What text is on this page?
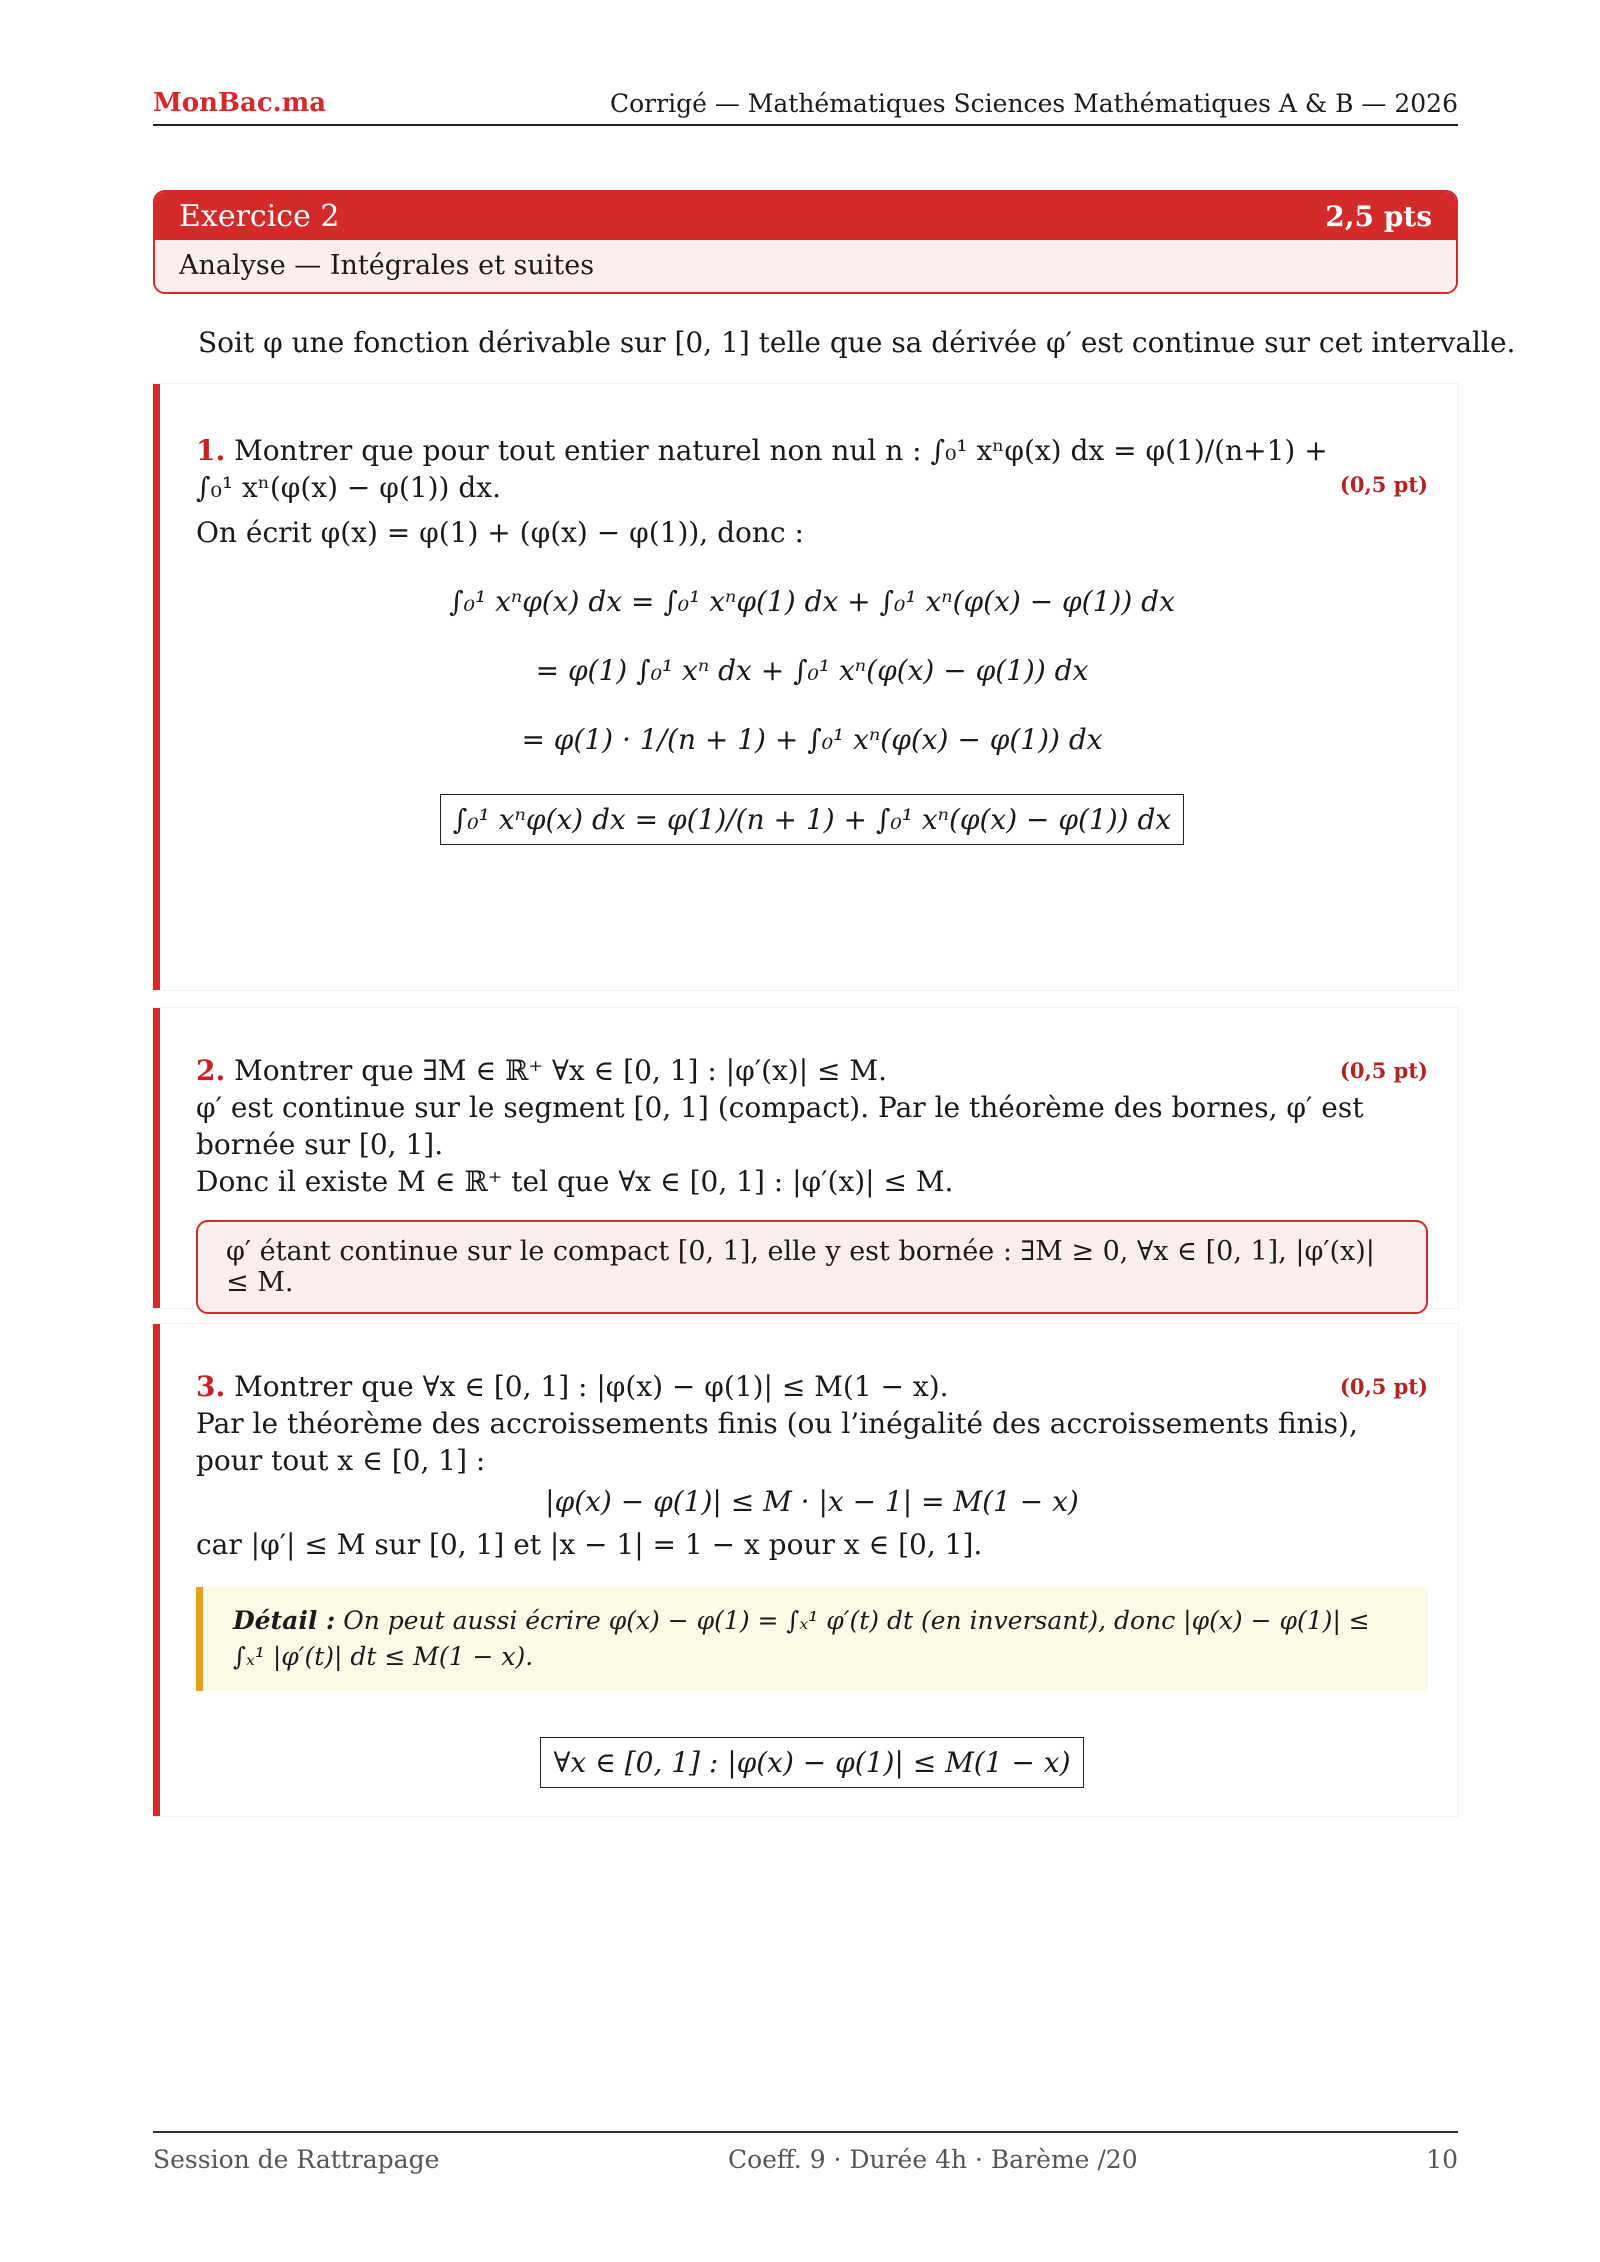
MonBac.ma	Corrigé — Mathématiques Sciences Mathématiques A & B — 2026
Exercice 2	2,5 pts
Analyse — Intégrales et suites
Soit φ une fonction dérivable sur [0, 1] telle que sa dérivée φ′ est continue sur cet intervalle.
(0,5 pt)
1. Montrer que pour tout entier naturel non nul n : ∫₀¹ xⁿφ(x) dx = φ(1)/(n+1) + ∫₀¹ xⁿ(φ(x) − φ(1)) dx.
On écrit φ(x) = φ(1) + (φ(x) − φ(1)), donc :
∫₀¹ xⁿφ(x) dx = ∫₀¹ xⁿφ(1) dx + ∫₀¹ xⁿ(φ(x) − φ(1)) dx
= φ(1) ∫₀¹ xⁿ dx + ∫₀¹ xⁿ(φ(x) − φ(1)) dx
= φ(1) · 1/(n + 1) + ∫₀¹ xⁿ(φ(x) − φ(1)) dx
∫₀¹ xⁿφ(x) dx = φ(1)/(n + 1) + ∫₀¹ xⁿ(φ(x) − φ(1)) dx
(0,5 pt)
2. Montrer que ∃M ∈ ℝ⁺ ∀x ∈ [0, 1] : |φ′(x)| ≤ M.
φ′ est continue sur le segment [0, 1] (compact). Par le théorème des bornes, φ′ est bornée sur [0, 1].
Donc il existe M ∈ ℝ⁺ tel que ∀x ∈ [0, 1] : |φ′(x)| ≤ M.
φ′ étant continue sur le compact [0, 1], elle y est bornée : ∃M ≥ 0, ∀x ∈ [0, 1], |φ′(x)| ≤ M.
(0,5 pt)
3. Montrer que ∀x ∈ [0, 1] : |φ(x) − φ(1)| ≤ M(1 − x).
Par le théorème des accroissements finis (ou l’inégalité des accroissements finis), pour tout x ∈ [0, 1] :
|φ(x) − φ(1)| ≤ M · |x − 1| = M(1 − x)
car |φ′| ≤ M sur [0, 1] et |x − 1| = 1 − x pour x ∈ [0, 1].
Détail : On peut aussi écrire φ(x) − φ(1) = ∫ₓ¹ φ′(t) dt (en inversant), donc |φ(x) − φ(1)| ≤ ∫ₓ¹ |φ′(t)| dt ≤ M(1 − x).
∀x ∈ [0, 1] : |φ(x) − φ(1)| ≤ M(1 − x)
Session de Rattrapage	Coeff. 9 · Durée 4h · Barème /20	10
